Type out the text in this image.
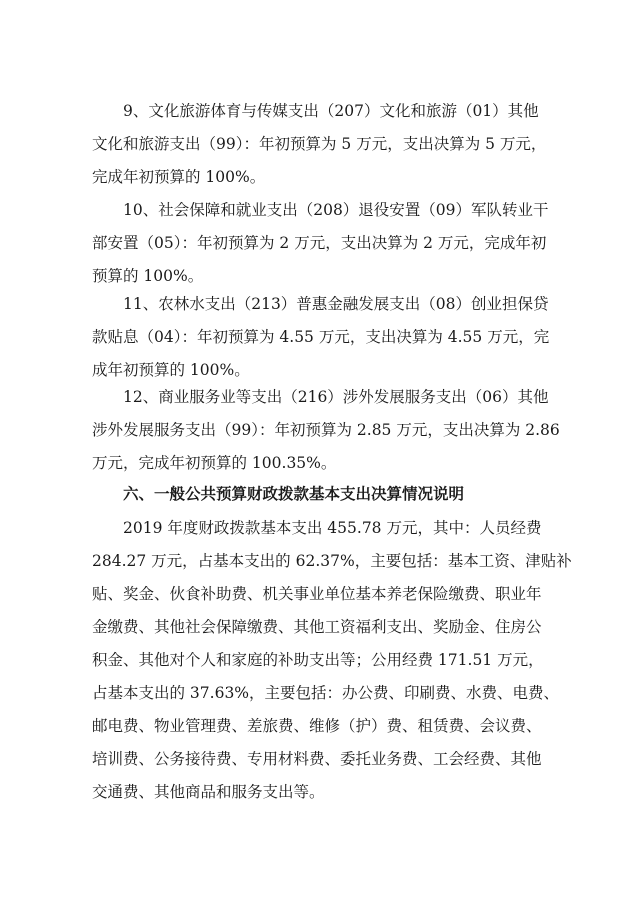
9、文化旅游体育与传媒支出（207）文化和旅游（01）其他
文化和旅游支出（99）：年初预算为 5 万元，支出决算为 5 万元，
完成年初预算的 100%。
10、社会保障和就业支出（208）退役安置（09）军队转业干
部安置（05）：年初预算为 2 万元，支出决算为 2 万元，完成年初
预算的 100%。
11、农林水支出（213）普惠金融发展支出（08）创业担保贷
款贴息（04）：年初预算为 4.55 万元，支出决算为 4.55 万元，完
成年初预算的 100%。
12、商业服务业等支出（216）涉外发展服务支出（06）其他
涉外发展服务支出（99）：年初预算为 2.85 万元，支出决算为 2.86
万元，完成年初预算的 100.35%。
六、一般公共预算财政拨款基本支出决算情况说明
2019 年度财政拨款基本支出 455.78 万元，其中：人员经费
284.27 万元，占基本支出的 62.37%，主要包括：基本工资、津贴补
贴、奖金、伙食补助费、机关事业单位基本养老保险缴费、职业年
金缴费、其他社会保障缴费、其他工资福利支出、奖励金、住房公
积金、其他对个人和家庭的补助支出等；公用经费 171.51 万元，
占基本支出的 37.63%，主要包括：办公费、印刷费、水费、电费、
邮电费、物业管理费、差旅费、维修（护）费、租赁费、会议费、
培训费、公务接待费、专用材料费、委托业务费、工会经费、其他
交通费、其他商品和服务支出等。
